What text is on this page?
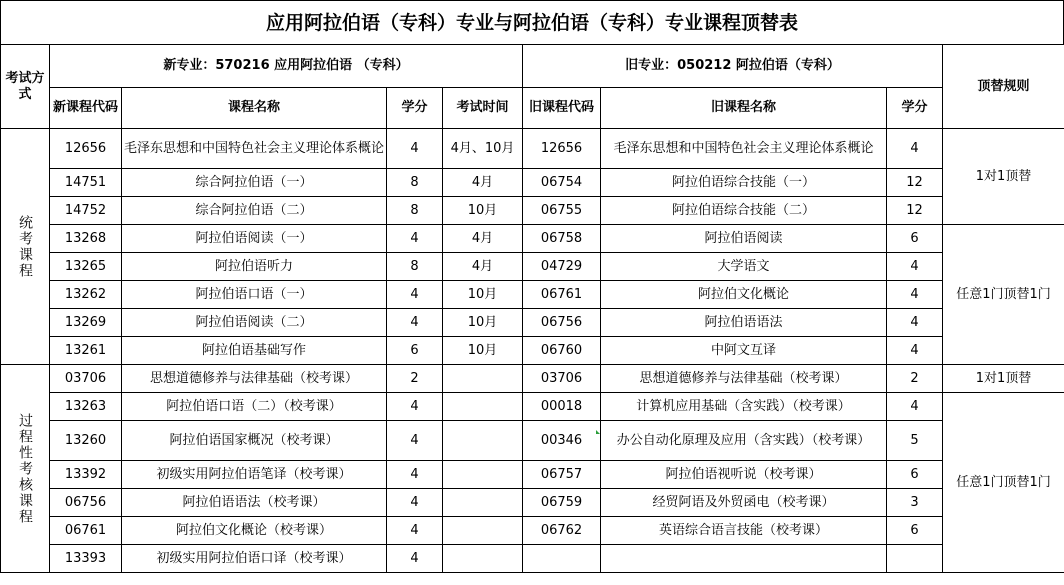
应用阿拉伯语（专科）专业与阿拉伯语（专科）专业课程顶替表
考试方式	新专业：570216 应用阿拉伯语 （专科）				旧专业：050212 阿拉伯语（专科）			顶替规则
	新课程代码	课程名称	学分	考试时间	旧课程代码	旧课程名称	学分	

统考课程	12656	毛泽东思想和中国特色社会主义理论体系概论	4	4月、10月	12656	毛泽东思想和中国特色社会主义理论体系概论	4	1对1顶替
	14751	综合阿拉伯语（一）	8	4月	06754	阿拉伯语综合技能（一）	12	
	14752	综合阿拉伯语（二）	8	10月	06755	阿拉伯语综合技能（二）	12	
	13268	阿拉伯语阅读（一）	4	4月	06758	阿拉伯语阅读	6	任意1门顶替1门
	13265	阿拉伯语听力	8	4月	04729	大学语文	4	
	13262	阿拉伯语口语（一）	4	10月	06761	阿拉伯文化概论	4	
	13269	阿拉伯语阅读（二）	4	10月	06756	阿拉伯语语法	4	
	13261	阿拉伯语基础写作	6	10月	06760	中阿文互译	4	

过程性考核课程	03706	思想道德修养与法律基础（校考课）	2		03706	思想道德修养与法律基础（校考课）	2	1对1顶替
	13263	阿拉伯语口语（二）（校考课）	4		00018	计算机应用基础（含实践）（校考课）	4	任意1门顶替1门
	13260	阿拉伯语国家概况（校考课）	4		00346	办公自动化原理及应用（含实践）（校考课）	5	
	13392	初级实用阿拉伯语笔译（校考课）	4		06757	阿拉伯语视听说（校考课）	6	
	06756	阿拉伯语语法（校考课）	4		06759	经贸阿语及外贸函电（校考课）	3	
	06761	阿拉伯文化概论（校考课）	4		06762	英语综合语言技能（校考课）	6	
	13393	初级实用阿拉伯语口译（校考课）	4					
